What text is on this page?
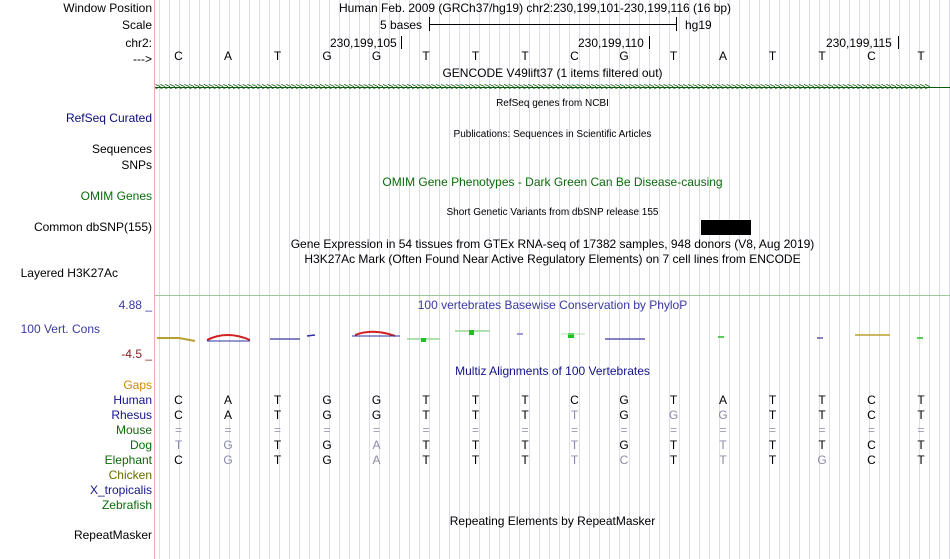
Window Position
Scale
chr2:
--->
RefSeq Curated
Sequences
SNPs
OMIM Genes
Common dbSNP(155)
Layered H3K27Ac
4.88 _
100 Vert. Cons
-4.5 _
Gaps
Human
Rhesus
Mouse
Dog
Elephant
Chicken
X_tropicalis
Zebrafish
RepeatMasker
Human Feb. 2009 (GRCh37/hg19) chr2:230,199,101-230,199,116 (16 bp)
5 bases	hg19
230,199,105	230,199,110	230,199,115
C	A	T	G	G	T	T	T	C	G	T	A	T	T	C	T
GENCODE V49lift37 (1 items filtered out)
>>>>>>>>>>>>>>>>>>>>>>>>>>>>>>>>>>>>>>>>>>>>>>>>>>>>>>>>>>>>>>>>>>>>>>>>>>>>>>>>>>>>>>>>>>>>>>>>>>>>>>>>>>>>>>>>>>>>>>>>>>>>>>>>>>>>>>>>>>>>>>>>>>>>>>>>>>>>>>>>
RefSeq genes from NCBI
Publications: Sequences in Scientific Articles
OMIM Gene Phenotypes - Dark Green Can Be Disease-causing
Short Genetic Variants from dbSNP release 155
Gene Expression in 54 tissues from GTEx RNA-seq of 17382 samples, 948 donors (V8, Aug 2019)
H3K27Ac Mark (Often Found Near Active Regulatory Elements) on 7 cell lines from ENCODE
100 vertebrates Basewise Conservation by PhyloP
Multiz Alignments of 100 Vertebrates
C	A	T	G	G	T	T	T	C	G	T	A	T	T	C	T
C	A	T	G	G	T	T	T	T	G	G	G	T	T	C	T
=	=	=	=	=	=	=	=	=	=	=	=	=	=	=	=
T	G	T	G	A	T	T	T	T	G	T	T	T	T	C	T
C	G	T	G	A	T	T	T	T	C	T	T	T	G	C	T
Repeating Elements by RepeatMasker
